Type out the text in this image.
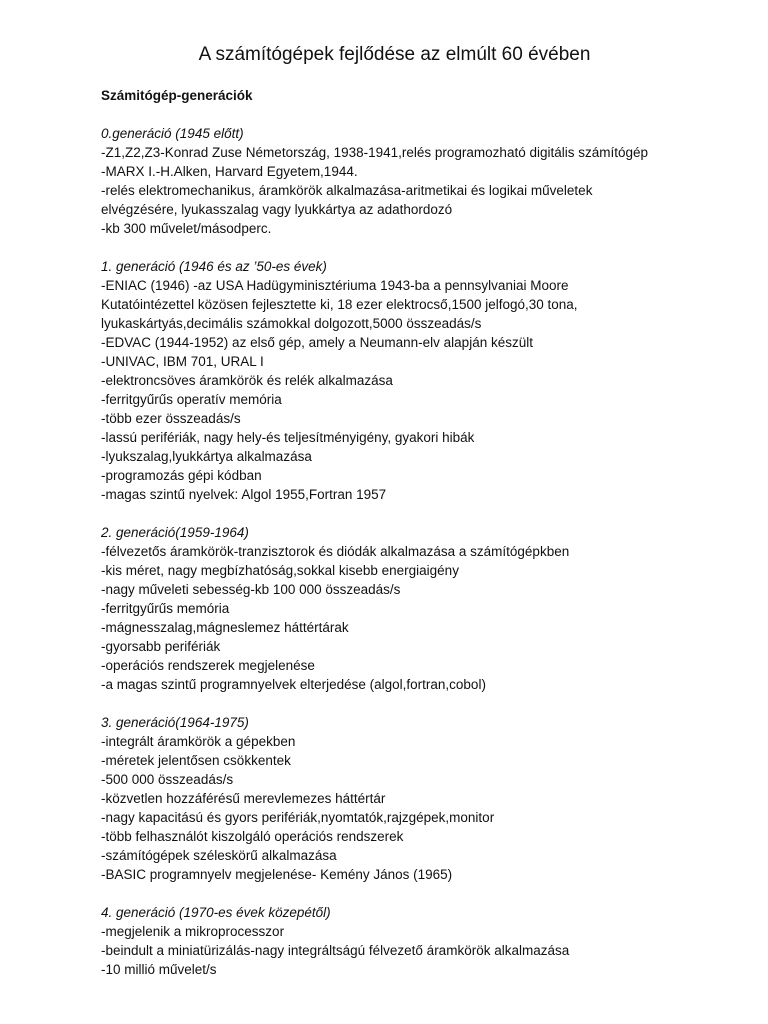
A számítógépek fejlődése az elmúlt 60 évében
Számitógép-generációk
0.generáció (1945 előtt)
-Z1,Z2,Z3-Konrad Zuse Németország, 1938-1941,relés programozható digitális számítógép
-MARX I.-H.Alken, Harvard Egyetem,1944.
-relés elektromechanikus, áramkörök alkalmazása-aritmetikai és logikai műveletek
elvégzésére, lyukasszalag vagy lyukkártya az adathordozó
-kb 300 művelet/másodperc.
1. generáció (1946 és az ’50-es évek)
-ENIAC (1946) -az USA Hadügyminisztériuma 1943-ba a pennsylvaniai Moore
Kutatóintézettel közösen fejlesztette ki, 18 ezer elektrocső,1500 jelfogó,30 tona,
lyukaskártyás,decimális számokkal dolgozott,5000 összeadás/s
-EDVAC (1944-1952) az első gép, amely a Neumann-elv alapján készült
-UNIVAC, IBM 701, URAL I
-elektroncsöves áramkörök és relék alkalmazása
-ferritgyűrűs operatív memória
-több ezer összeadás/s
-lassú perifériák, nagy hely-és teljesítményigény, gyakori hibák
-lyukszalag,lyukkártya alkalmazása
-programozás gépi kódban
-magas szintű nyelvek: Algol 1955,Fortran 1957
2. generáció(1959-1964)
-félvezetős áramkörök-tranzisztorok és diódák alkalmazása a számítógépkben
-kis méret, nagy megbízhatóság,sokkal kisebb energiaigény
-nagy műveleti sebesség-kb 100 000 összeadás/s
-ferritgyűrűs memória
-mágnesszalag,mágneslemez háttértárak
-gyorsabb perifériák
-operációs rendszerek megjelenése
-a magas szintű programnyelvek elterjedése (algol,fortran,cobol)
3. generáció(1964-1975)
-integrált áramkörök a gépekben
-méretek jelentősen csökkentek
-500 000 összeadás/s
-közvetlen hozzáférésű merevlemezes háttértár
-nagy kapacitású és gyors perifériák,nyomtatók,rajzgépek,monitor
-több felhasználót kiszolgáló operációs rendszerek
-számítógépek széleskörű alkalmazása
-BASIC programnyelv megjelenése- Kemény János (1965)
4. generáció (1970-es évek közepétől)
-megjelenik a mikroprocesszor
-beindult a miniatürizálás-nagy integráltságú félvezető áramkörök alkalmazása
-10 millió művelet/s
